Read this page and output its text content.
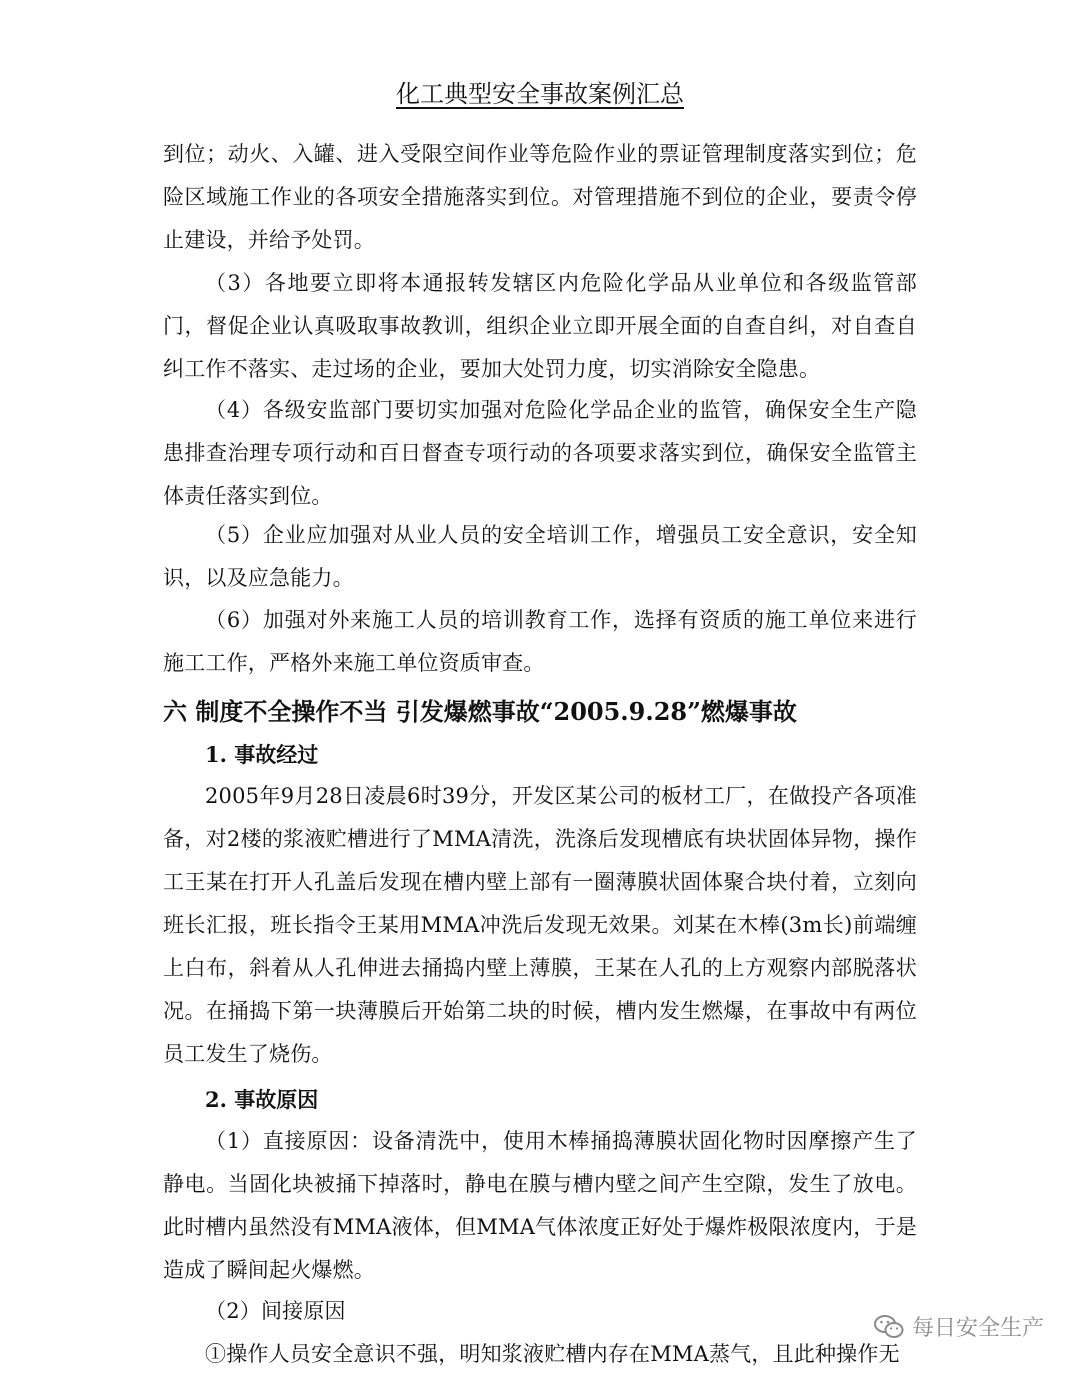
化工典型安全事故案例汇总

到位；动火、入罐、进入受限空间作业等危险作业的票证管理制度落实到位；危险区域施工作业的各项安全措施落实到位。对管理措施不到位的企业，要责令停止建设，并给予处罚。

（3）各地要立即将本通报转发辖区内危险化学品从业单位和各级监管部门，督促企业认真吸取事故教训，组织企业立即开展全面的自查自纠，对自查自纠工作不落实、走过场的企业，要加大处罚力度，切实消除安全隐患。

（4）各级安监部门要切实加强对危险化学品企业的监管，确保安全生产隐患排查治理专项行动和百日督查专项行动的各项要求落实到位，确保安全监管主体责任落实到位。

（5）企业应加强对从业人员的安全培训工作，增强员工安全意识，安全知识，以及应急能力。

（6）加强对外来施工人员的培训教育工作，选择有资质的施工单位来进行施工工作，严格外来施工单位资质审查。

六 制度不全操作不当 引发爆燃事故“2005.9.28”燃爆事故
1. 事故经过

2005年9月28日凌晨6时39分，开发区某公司的板材工厂，在做投产各项准备，对2楼的浆液贮槽进行了MMA清洗，洗涤后发现槽底有块状固体异物，操作工王某在打开人孔盖后发现在槽内壁上部有一圈薄膜状固体聚合块付着，立刻向班长汇报，班长指令王某用MMA冲洗后发现无效果。刘某在木棒(3m长)前端缠上白布，斜着从人孔伸进去捅捣内壁上薄膜，王某在人孔的上方观察内部脱落状况。在捅捣下第一块薄膜后开始第二块的时候，槽内发生燃爆，在事故中有两位员工发生了烧伤。

2. 事故原因

（1）直接原因：设备清洗中，使用木棒捅捣薄膜状固化物时因摩擦产生了静电。当固化块被捅下掉落时，静电在膜与槽内壁之间产生空隙，发生了放电。此时槽内虽然没有MMA液体，但MMA气体浓度正好处于爆炸极限浓度内，于是造成了瞬间起火爆燃。

（2）间接原因

①操作人员安全意识不强，明知浆液贮槽内存在MMA蒸气，且此种操作无

每日安全生产
